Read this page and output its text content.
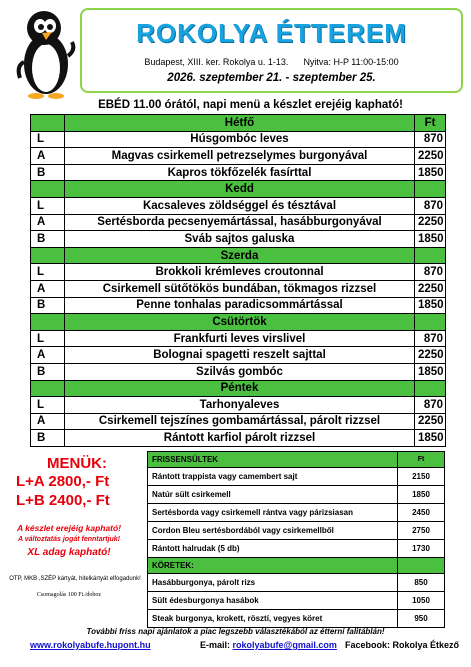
ROKOLYA ÉTTEREM
Budapest, XIII. ker. Rokolya u. 1-13. Nyitva: H-P 11:00-15:00
2026. szeptember 21. - szeptember 25.
EBÉD 11.00 órától, napi menü a készlet erejéig kapható!
	Hétfő	Ft
L	Húsgombóc leves	870
A	Magvas csirkemell petrezselymes burgonyával	2250
B	Kapros tökfőzelék fasírttal	1850
	Kedd	
L	Kacsaleves zöldséggel és tésztával	870
A	Sertésborda pecsenyemártással, hasábburgonyával	2250
B	Sváb sajtos galuska	1850
	Szerda	
L	Brokkoli krémleves croutonnal	870
A	Csirkemell sütőtökös bundában, tökmagos rizzsel	2250
B	Penne tonhalas paradicsommártással	1850
	Csütörtök	
L	Frankfurti leves virslivel	870
A	Bolognai spagetti reszelt sajttal	2250
B	Szilvás gombóc	1850
	Péntek	
L	Tarhonyaleves	870
A	Csirkemell tejszínes gombamártással, párolt rizzsel	2250
B	Rántott karfiol párolt rizzsel	1850
MENÜK:
L+A 2800,- Ft
L+B 2400,- Ft
A készlet erejéig kapható!
A változtatás jogát fenntartjuk!
XL adag kapható!
OTP, MKB ,SZÉP kártyát, hitelkártyát elfogadunk!
Csomagolás 100 Ft./doboz
FRISSENSÜLTEK	Ft
Rántott trappista vagy camembert sajt	2150
Natúr sült csirkemell	1850
Sertésborda vagy csirkemell rántva vagy párizsiasan	2450
Cordon Bleu sertésbordából vagy csirkemellből	2750
Rántott halrudak (5 db)	1730
KÖRETEK:	
Hasábburgonya, párolt rizs	850
Sült édesburgonya hasábok	1050
Steak burgonya, krokett, rösztí, vegyes köret	950
További friss napi ajánlatok a piac legszebb választékából az étterni falitáblán!
www.rokolyabufe.hupont.hu	E-mail: rokolyabufe@gmail.com Facebook: Rokolya Étkező
